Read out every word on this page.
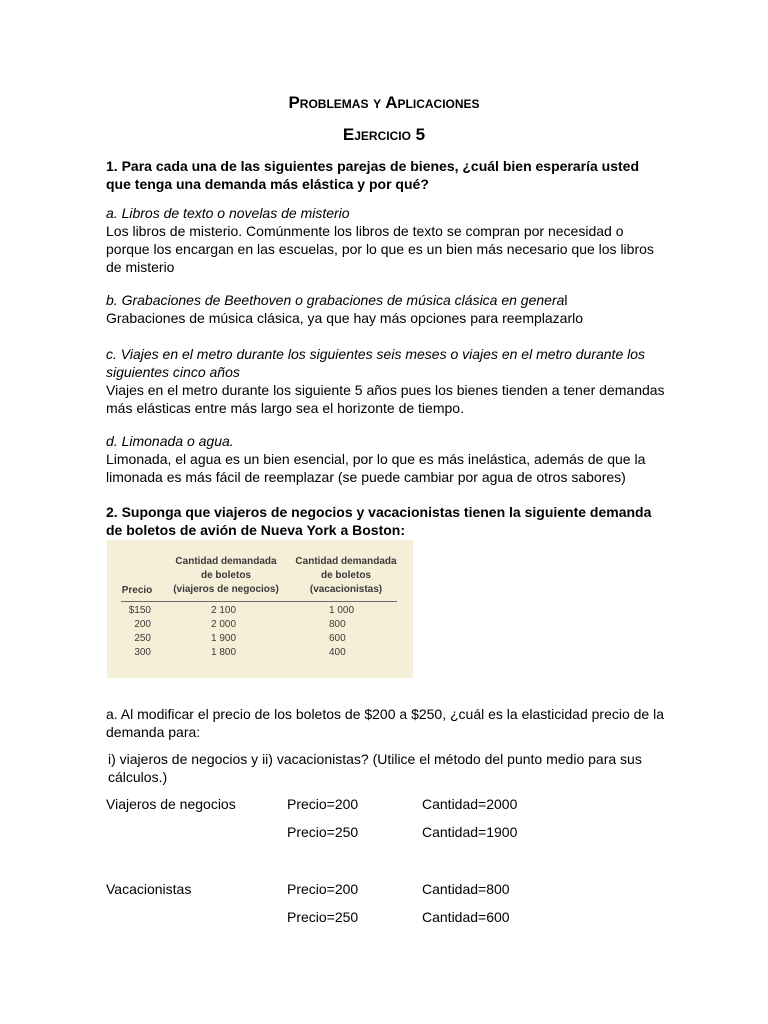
Problemas y Aplicaciones
Ejercicio 5

1. Para cada una de las siguientes parejas de bienes, ¿cuál bien esperaría usted que tenga una demanda más elástica y por qué?

a. Libros de texto o novelas de misterio

Los libros de misterio. Comúnmente los libros de texto se compran por necesidad o porque los encargan en las escuelas, por lo que es un bien más necesario que los libros de misterio

b. Grabaciones de Beethoven o grabaciones de música clásica en general

Grabaciones de música clásica, ya que hay más opciones para reemplazarlo

c. Viajes en el metro durante los siguientes seis meses o viajes en el metro durante los siguientes cinco años

Viajes en el metro durante los siguiente 5 años pues los bienes tienden a tener demandas más elásticas entre más largo sea el horizonte de tiempo.

d. Limonada o agua.

Limonada, el agua es un bien esencial, por lo que es más inelástica, además de que la limonada es más fácil de reemplazar (se puede cambiar por agua de otros sabores)

2. Suponga que viajeros de negocios y vacacionistas tienen la siguiente demanda de boletos de avión de Nueva York a Boston:

Precio
Cantidad demandada
de boletos
(viajeros de negocios)
Cantidad demandada
de boletos
(vacacionistas)
$150	2 100	1 000
200	2 000	800
250	1 900	600
300	1 800	400

a. Al modificar el precio de los boletos de $200 a $250, ¿cuál es la elasticidad precio de la demanda para:

i) viajeros de negocios y ii) vacacionistas? (Utilice el método del punto medio para sus cálculos.)

Viajeros de negocios	Precio=200	Cantidad=2000
Precio=250	Cantidad=1900
Vacacionistas	Precio=200	Cantidad=800
Precio=250	Cantidad=600
